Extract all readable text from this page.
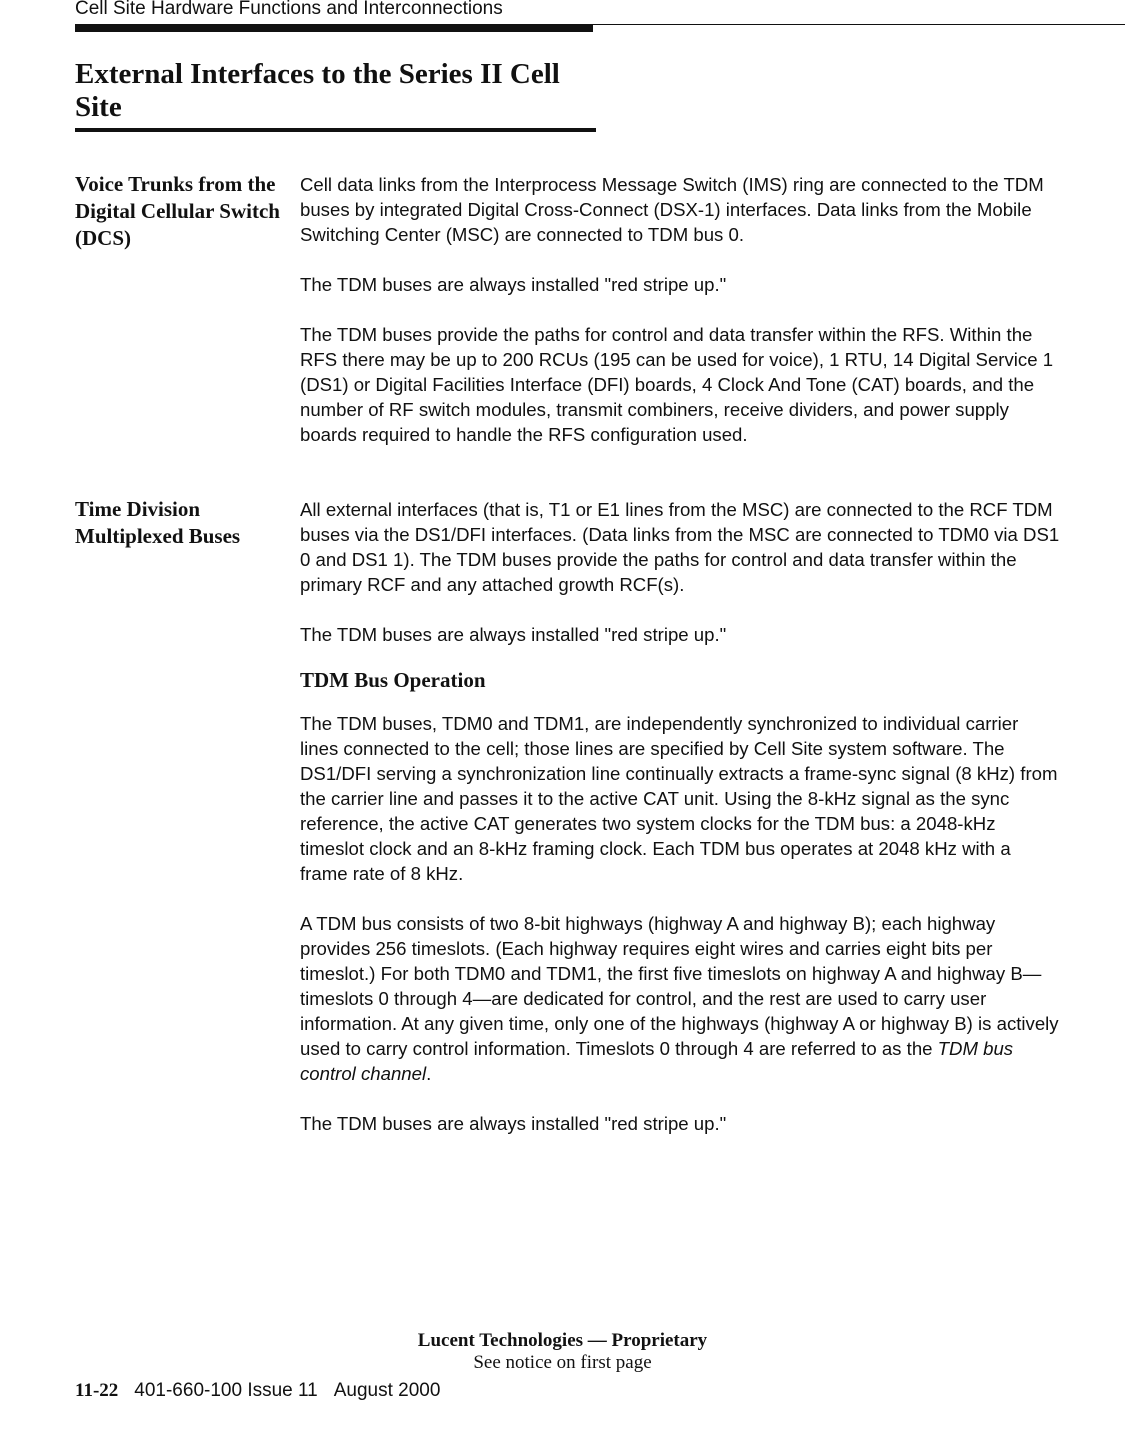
Cell Site Hardware Functions and Interconnections
External Interfaces to the Series II Cell Site
Voice Trunks from the Digital Cellular Switch (DCS)

Cell data links from the Interprocess Message Switch (IMS) ring are connected to the TDM buses by integrated Digital Cross-Connect (DSX-1) interfaces. Data links from the Mobile Switching Center (MSC) are connected to TDM bus 0.

The TDM buses are always installed "red stripe up."

The TDM buses provide the paths for control and data transfer within the RFS. Within the RFS there may be up to 200 RCUs (195 can be used for voice), 1 RTU, 14 Digital Service 1 (DS1) or Digital Facilities Interface (DFI) boards, 4 Clock And Tone (CAT) boards, and the number of RF switch modules, transmit combiners, receive dividers, and power supply boards required to handle the RFS configuration used.

Time Division Multiplexed Buses

All external interfaces (that is, T1 or E1 lines from the MSC) are connected to the RCF TDM buses via the DS1/DFI interfaces. (Data links from the MSC are connected to TDM0 via DS1 0 and DS1 1). The TDM buses provide the paths for control and data transfer within the primary RCF and any attached growth RCF(s).

The TDM buses are always installed "red stripe up."

TDM Bus Operation

The TDM buses, TDM0 and TDM1, are independently synchronized to individual carrier lines connected to the cell; those lines are specified by Cell Site system software. The DS1/DFI serving a synchronization line continually extracts a frame-sync signal (8 kHz) from the carrier line and passes it to the active CAT unit. Using the 8-kHz signal as the sync reference, the active CAT generates two system clocks for the TDM bus: a 2048-kHz timeslot clock and an 8-kHz framing clock. Each TDM bus operates at 2048 kHz with a frame rate of 8 kHz.

A TDM bus consists of two 8-bit highways (highway A and highway B); each highway provides 256 timeslots. (Each highway requires eight wires and carries eight bits per timeslot.) For both TDM0 and TDM1, the first five timeslots on highway A and highway B—timeslots 0 through 4—are dedicated for control, and the rest are used to carry user information. At any given time, only one of the highways (highway A or highway B) is actively used to carry control information. Timeslots 0 through 4 are referred to as the TDM bus control channel.

The TDM buses are always installed "red stripe up."

Lucent Technologies — Proprietary
See notice on first page
11-22 401-660-100 Issue 11 August 2000
